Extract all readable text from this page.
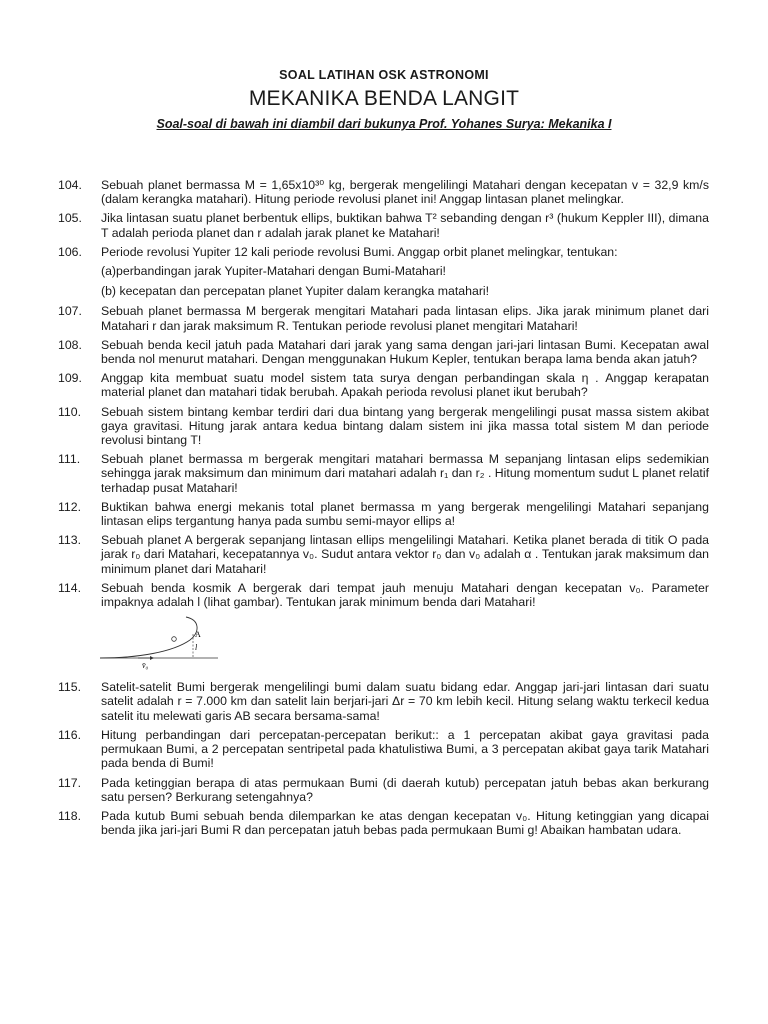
SOAL LATIHAN OSK ASTRONOMI
MEKANIKA BENDA LANGIT
Soal-soal di bawah ini diambil dari bukunya Prof. Yohanes Surya: Mekanika I
104. Sebuah planet bermassa M = 1,65x10³⁰ kg, bergerak mengelilingi Matahari dengan kecepatan v = 32,9 km/s (dalam kerangka matahari). Hitung periode revolusi planet ini! Anggap lintasan planet melingkar.
105. Jika lintasan suatu planet berbentuk ellips, buktikan bahwa T² sebanding dengan r³ (hukum Keppler III), dimana T adalah perioda planet dan r adalah jarak planet ke Matahari!
106. Periode revolusi Yupiter 12 kali periode revolusi Bumi. Anggap orbit planet melingkar, tentukan:
(a)perbandingan jarak Yupiter-Matahari dengan Bumi-Matahari!
(b) kecepatan dan percepatan planet Yupiter dalam kerangka matahari!
107. Sebuah planet bermassa M bergerak mengitari Matahari pada lintasan elips. Jika jarak minimum planet dari Matahari r dan jarak maksimum R. Tentukan periode revolusi planet mengitari Matahari!
108. Sebuah benda kecil jatuh pada Matahari dari jarak yang sama dengan jari-jari lintasan Bumi. Kecepatan awal benda nol menurut matahari. Dengan menggunakan Hukum Kepler, tentukan berapa lama benda akan jatuh?
109. Anggap kita membuat suatu model sistem tata surya dengan perbandingan skala η . Anggap kerapatan material planet dan matahari tidak berubah. Apakah perioda revolusi planet ikut berubah?
110. Sebuah sistem bintang kembar terdiri dari dua bintang yang bergerak mengelilingi pusat massa sistem akibat gaya gravitasi. Hitung jarak antara kedua bintang dalam sistem ini jika massa total sistem M dan periode revolusi bintang T!
111. Sebuah planet bermassa m bergerak mengitari matahari bermassa M sepanjang lintasan elips sedemikian sehingga jarak maksimum dan minimum dari matahari adalah r₁ dan r₂ . Hitung momentum sudut L planet relatif terhadap pusat Matahari!
112. Buktikan bahwa energi mekanis total planet bermassa m yang bergerak mengelilingi Matahari sepanjang lintasan elips tergantung hanya pada sumbu semi-mayor ellips a!
113. Sebuah planet A bergerak sepanjang lintasan ellips mengelilingi Matahari. Ketika planet berada di titik O pada jarak r₀ dari Matahari, kecepatannya v₀. Sudut antara vektor r₀ dan v₀ adalah α . Tentukan jarak maksimum dan minimum planet dari Matahari!
114. Sebuah benda kosmik A bergerak dari tempat jauh menuju Matahari dengan kecepatan v₀. Parameter impaknya adalah l (lihat gambar). Tentukan jarak minimum benda dari Matahari!
A
l
v̄₀
115. Satelit-satelit Bumi bergerak mengelilingi bumi dalam suatu bidang edar. Anggap jari-jari lintasan dari suatu satelit adalah r = 7.000 km dan satelit lain berjari-jari Δr = 70 km lebih kecil. Hitung selang waktu terkecil kedua satelit itu melewati garis AB secara bersama-sama!
116. Hitung perbandingan dari percepatan-percepatan berikut:: a 1 percepatan akibat gaya gravitasi pada permukaan Bumi, a 2 percepatan sentripetal pada khatulistiwa Bumi, a 3 percepatan akibat gaya tarik Matahari pada benda di Bumi!
117. Pada ketinggian berapa di atas permukaan Bumi (di daerah kutub) percepatan jatuh bebas akan berkurang satu persen? Berkurang setengahnya?
118. Pada kutub Bumi sebuah benda dilemparkan ke atas dengan kecepatan v₀. Hitung ketinggian yang dicapai benda jika jari-jari Bumi R dan percepatan jatuh bebas pada permukaan Bumi g! Abaikan hambatan udara.
